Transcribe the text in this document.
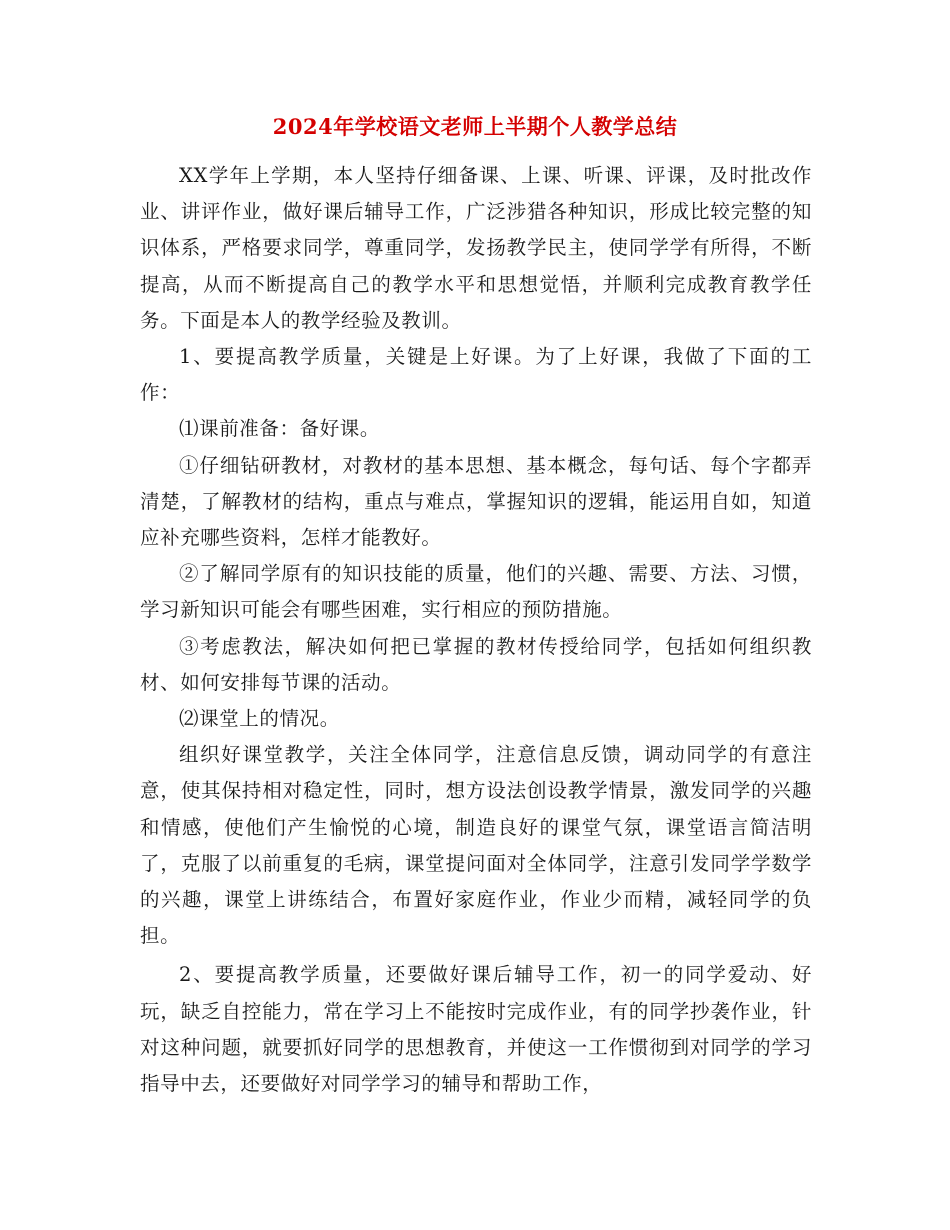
2024年学校语文老师上半期个人教学总结

XX学年上学期，本人坚持仔细备课、上课、听课、评课，及时批改作业、讲评作业，做好课后辅导工作，广泛涉猎各种知识，形成比较完整的知识体系，严格要求同学，尊重同学，发扬教学民主，使同学学有所得，不断提高，从而不断提高自己的教学水平和思想觉悟，并顺利完成教育教学任务。下面是本人的教学经验及教训。

1、要提高教学质量，关键是上好课。为了上好课，我做了下面的工作：

⑴课前准备：备好课。

①仔细钻研教材，对教材的基本思想、基本概念，每句话、每个字都弄清楚，了解教材的结构，重点与难点，掌握知识的逻辑，能运用自如，知道应补充哪些资料，怎样才能教好。

②了解同学原有的知识技能的质量，他们的兴趣、需要、方法、习惯，学习新知识可能会有哪些困难，实行相应的预防措施。

③考虑教法，解决如何把已掌握的教材传授给同学，包括如何组织教材、如何安排每节课的活动。

⑵课堂上的情况。

组织好课堂教学，关注全体同学，注意信息反馈，调动同学的有意注意，使其保持相对稳定性，同时，想方设法创设教学情景，激发同学的兴趣和情感，使他们产生愉悦的心境，制造良好的课堂气氛，课堂语言简洁明了，克服了以前重复的毛病，课堂提问面对全体同学，注意引发同学学数学的兴趣，课堂上讲练结合，布置好家庭作业，作业少而精，减轻同学的负担。

2、要提高教学质量，还要做好课后辅导工作，初一的同学爱动、好玩，缺乏自控能力，常在学习上不能按时完成作业，有的同学抄袭作业，针对这种问题，就要抓好同学的思想教育，并使这一工作惯彻到对同学的学习指导中去，还要做好对同学学习的辅导和帮助工作，
